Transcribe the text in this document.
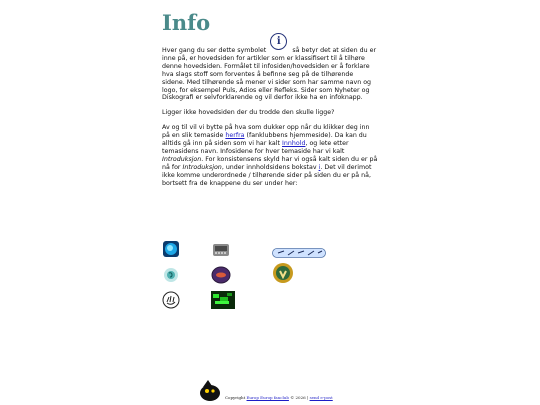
Info

Hver gang du ser dette symbolet
i
så betyr det at siden du er inne på, er hovedsiden for artikler som er klassifisert til å tilhøre denne hovedsiden. Formålet til infosiden/hovedsiden er å forklare hva slags stoff som forventes å befinne seg på de tilhørende sidene. Med tilhørende så mener vi sider som har samme navn og logo, for eksempel Puls, Adios eller Refleks. Sider som Nyheter og Diskografi er selvforklarende og vil derfor ikke ha en infoknapp.

Ligger ikke hovedsiden der du trodde den skulle ligge?

Av og til vil vi bytte på hva som dukker opp når du klikker deg inn på en slik temaside herfra (fanklubbens hjemmeside). Da kan du alltids gå inn på siden som vi har kalt Innhold, og lete etter temasidens navn. Infosidene for hver temaside har vi kalt Introduksjon. For konsistensens skyld har vi også kalt siden du er på nå for Introduksjon, under innholdsidens bokstav i. Det vil derimot ikke komme underordnede / tilhørende sider på siden du er på nå, bortsett fra de knappene du ser under her:

Copyright Europ Europ fanclub © 2026 | send e-post
